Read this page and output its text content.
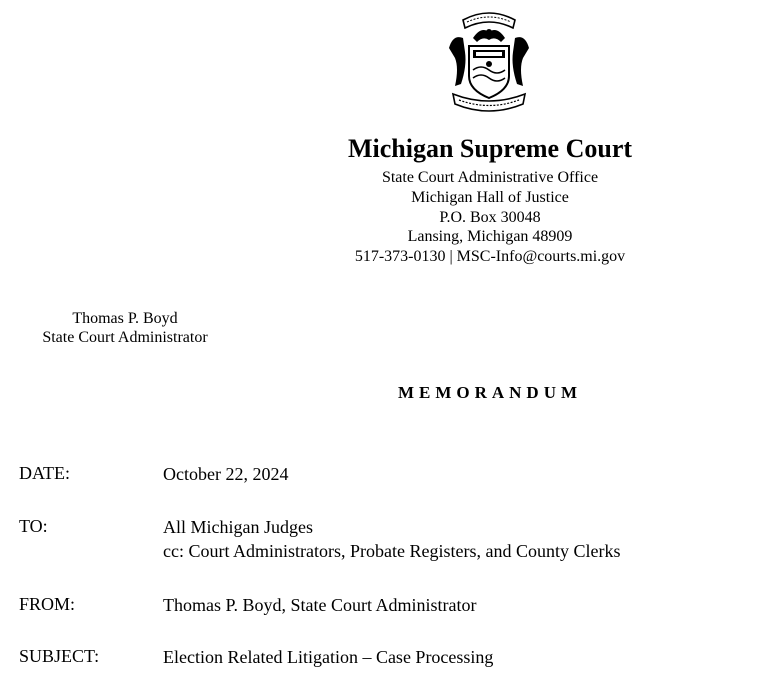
Michigan Supreme Court
State Court Administrative Office
Michigan Hall of Justice
P.O. Box 30048
Lansing, Michigan 48909
517-373-0130 | MSC-Info@courts.mi.gov
Thomas P. Boyd
State Court Administrator
MEMORANDUM
DATE:	October 22, 2024
TO:	All Michigan Judges
cc: Court Administrators, Probate Registers, and County Clerks
FROM:	Thomas P. Boyd, State Court Administrator
SUBJECT:	Election Related Litigation – Case Processing
